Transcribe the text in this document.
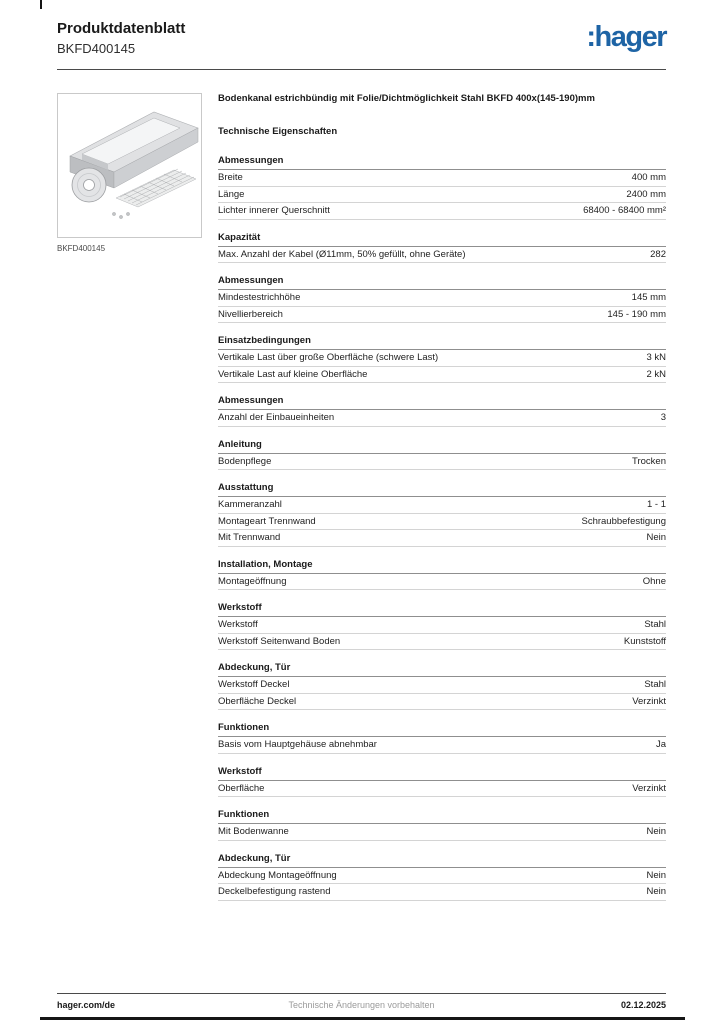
Produktdatenblatt
BKFD400145	:hager
BKFD400145
Bodenkanal estrichbündig mit Folie/Dichtmöglichkeit Stahl BKFD 400x(145-190)mm
Technische Eigenschaften
Abmessungen
Breite	400 mm
Länge	2400 mm
Lichter innerer Querschnitt	68400 - 68400 mm²
Kapazität
Max. Anzahl der Kabel (Ø11mm, 50% gefüllt, ohne Geräte)	282
Abmessungen
Mindestestrichhöhe	145 mm
Nivellierbereich	145 - 190 mm
Einsatzbedingungen
Vertikale Last über große Oberfläche (schwere Last)	3 kN
Vertikale Last auf kleine Oberfläche	2 kN
Abmessungen
Anzahl der Einbaueinheiten	3
Anleitung
Bodenpflege	Trocken
Ausstattung
Kammeranzahl	1 - 1
Montageart Trennwand	Schraubbefestigung
Mit Trennwand	Nein
Installation, Montage
Montageöffnung	Ohne
Werkstoff
Werkstoff	Stahl
Werkstoff Seitenwand Boden	Kunststoff
Abdeckung, Tür
Werkstoff Deckel	Stahl
Oberfläche Deckel	Verzinkt
Funktionen
Basis vom Hauptgehäuse abnehmbar	Ja
Werkstoff
Oberfläche	Verzinkt
Funktionen
Mit Bodenwanne	Nein
Abdeckung, Tür
Abdeckung Montageöffnung	Nein
Deckelbefestigung rastend	Nein
hager.com/de	Technische Änderungen vorbehalten	02.12.2025
